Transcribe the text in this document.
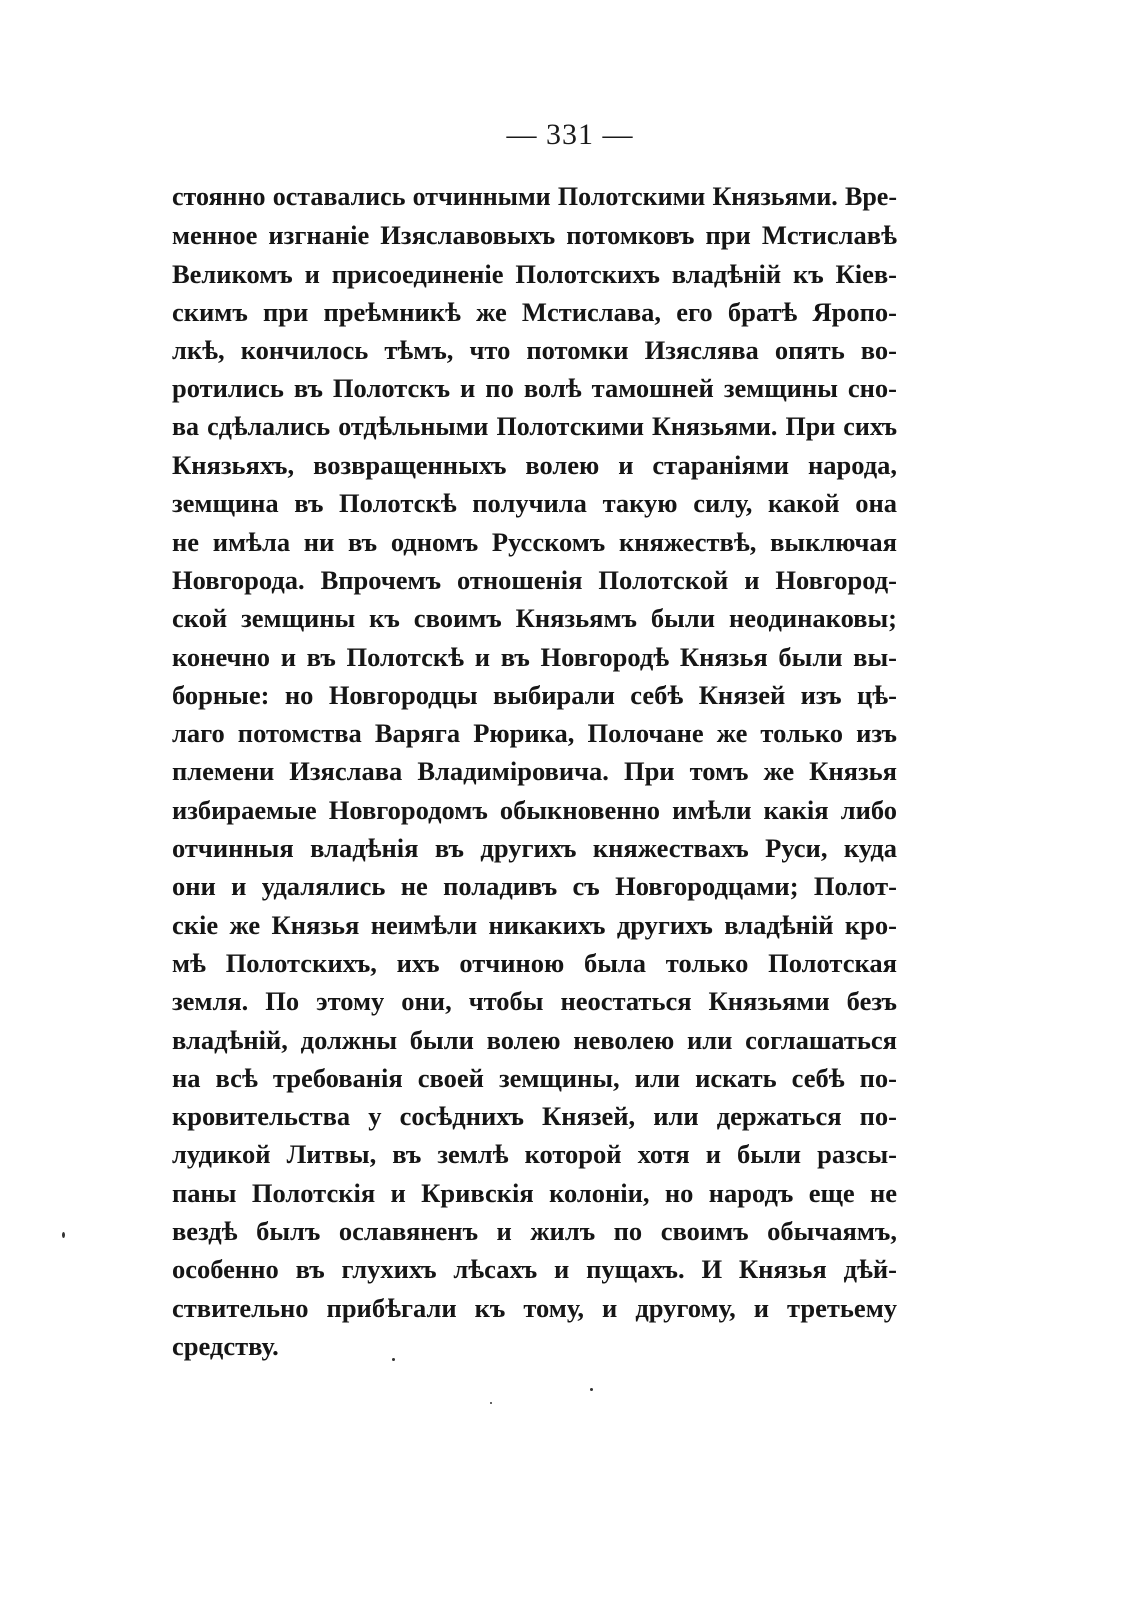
— 331 —
стоянно оставались отчинными Полотскими Князьями. Вре-
менное изгнаніе Изяславовыхъ потомковъ при Мстиславѣ
Великомъ и присоединеніе Полотскихъ владѣній къ Кіев-
скимъ при преѣмникѣ же Мстислава, его братѣ Яропо-
лкѣ, кончилось тѣмъ, что потомки Изяслява опять во-
ротились въ Полотскъ и по волѣ тамошней земщины сно-
ва сдѣлались отдѣльными Полотскими Князьями. При сихъ
Князьяхъ, возвращенныхъ волею и стараніями народа,
земщина въ Полотскѣ получила такую силу, какой она
не имѣла ни въ одномъ Русскомъ княжествѣ, выключая
Новгорода. Впрочемъ отношенія Полотской и Новгород-
ской земщины къ своимъ Князьямъ были неодинаковы;
конечно и въ Полотскѣ и въ Новгородѣ Князья были вы-
борные: но Новгородцы выбирали себѣ Князей изъ цѣ-
лаго потомства Варяга Рюрика, Полочане же только изъ
племени Изяслава Владиміровича. При томъ же Князья
избираемые Новгородомъ обыкновенно имѣли какія либо
отчинныя владѣнія въ другихъ княжествахъ Руси, куда
они и удалялись не поладивъ съ Новгородцами; Полот-
скіе же Князья неимѣли никакихъ другихъ владѣній кро-
мѣ Полотскихъ, ихъ отчиною была только Полотская
земля. По этому они, чтобы неостаться Князьями безъ
владѣній, должны были волею неволею или соглашаться
на всѣ требованія своей земщины, или искать себѣ по-
кровительства у сосѣднихъ Князей, или держаться по-
лудикой Литвы, въ землѣ которой хотя и были разсы-
паны Полотскія и Кривскія колоніи, но народъ еще не
вездѣ былъ ославяненъ и жилъ по своимъ обычаямъ,
особенно въ глухихъ лѣсахъ и пущахъ. И Князья дѣй-
ствительно прибѣгали къ тому, и другому, и третьему
средству.
